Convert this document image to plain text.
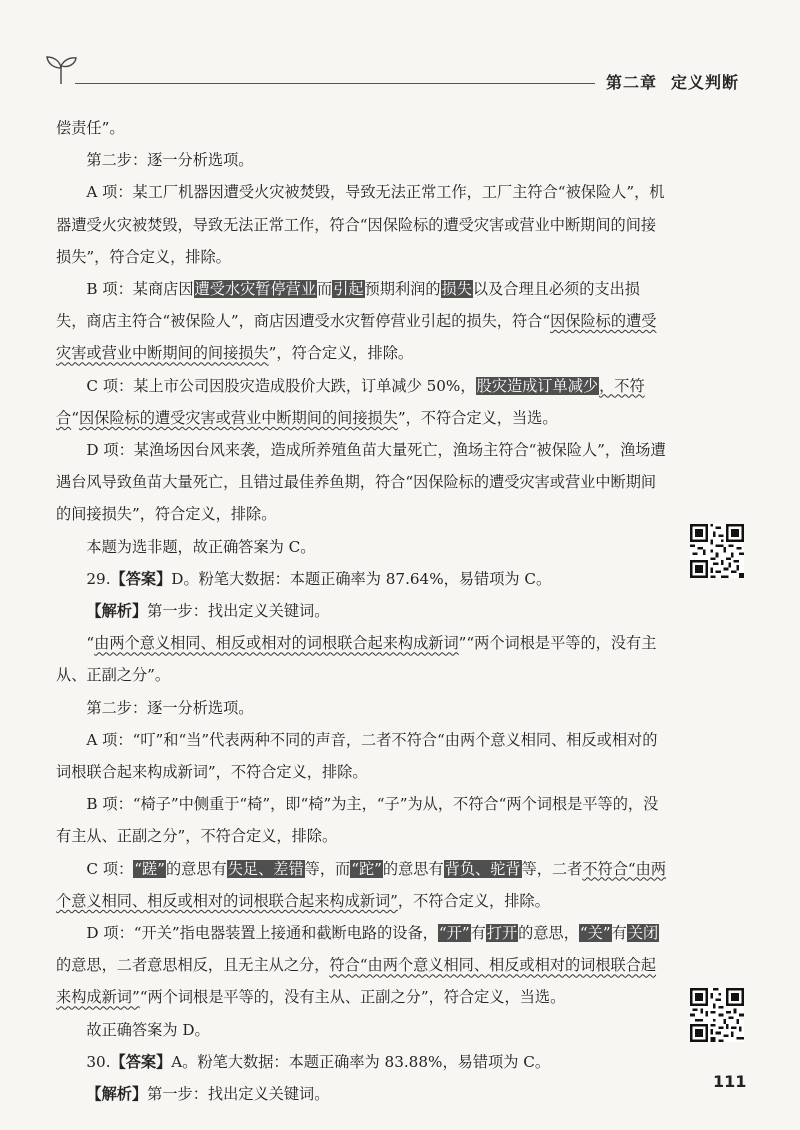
第二章 定义判断

偿责任”。

第二步：逐一分析选项。

A 项：某工厂机器因遭受火灾被焚毁，导致无法正常工作，工厂主符合“被保险人”，机器遭受火灾被焚毁，导致无法正常工作，符合“因保险标的遭受灾害或营业中断期间的间接损失”，符合定义，排除。

B 项：某商店因遭受水灾暂停营业而引起预期利润的损失以及合理且必须的支出损失，商店主符合“被保险人”，商店因遭受水灾暂停营业引起的损失，符合“因保险标的遭受灾害或营业中断期间的间接损失”，符合定义，排除。

C 项：某上市公司因股灾造成股价大跌，订单减少 50%，股灾造成订单减少，不符合“因保险标的遭受灾害或营业中断期间的间接损失”，不符合定义，当选。

D 项：某渔场因台风来袭，造成所养殖鱼苗大量死亡，渔场主符合“被保险人”，渔场遭遇台风导致鱼苗大量死亡，且错过最佳养鱼期，符合“因保险标的遭受灾害或营业中断期间的间接损失”，符合定义，排除。

本题为选非题，故正确答案为 C。

29.【答案】D。粉笔大数据：本题正确率为 87.64%，易错项为 C。

【解析】第一步：找出定义关键词。

“由两个意义相同、相反或相对的词根联合起来构成新词”“两个词根是平等的，没有主从、正副之分”。

第二步：逐一分析选项。

A 项：“叮”和“当”代表两种不同的声音，二者不符合“由两个意义相同、相反或相对的词根联合起来构成新词”，不符合定义，排除。

B 项：“椅子”中侧重于“椅”，即“椅”为主，“子”为从，不符合“两个词根是平等的，没有主从、正副之分”，不符合定义，排除。

C 项：“蹉”的意思有失足、差错等，而“跎”的意思有背负、驼背等，二者不符合“由两个意义相同、相反或相对的词根联合起来构成新词”，不符合定义，排除。

D 项：“开关”指电器装置上接通和截断电路的设备，“开”有打开的意思，“关”有关闭的意思，二者意思相反，且无主从之分，符合“由两个意义相同、相反或相对的词根联合起来构成新词”“两个词根是平等的，没有主从、正副之分”，符合定义，当选。

故正确答案为 D。

30.【答案】A。粉笔大数据：本题正确率为 83.88%，易错项为 C。

【解析】第一步：找出定义关键词。

111
